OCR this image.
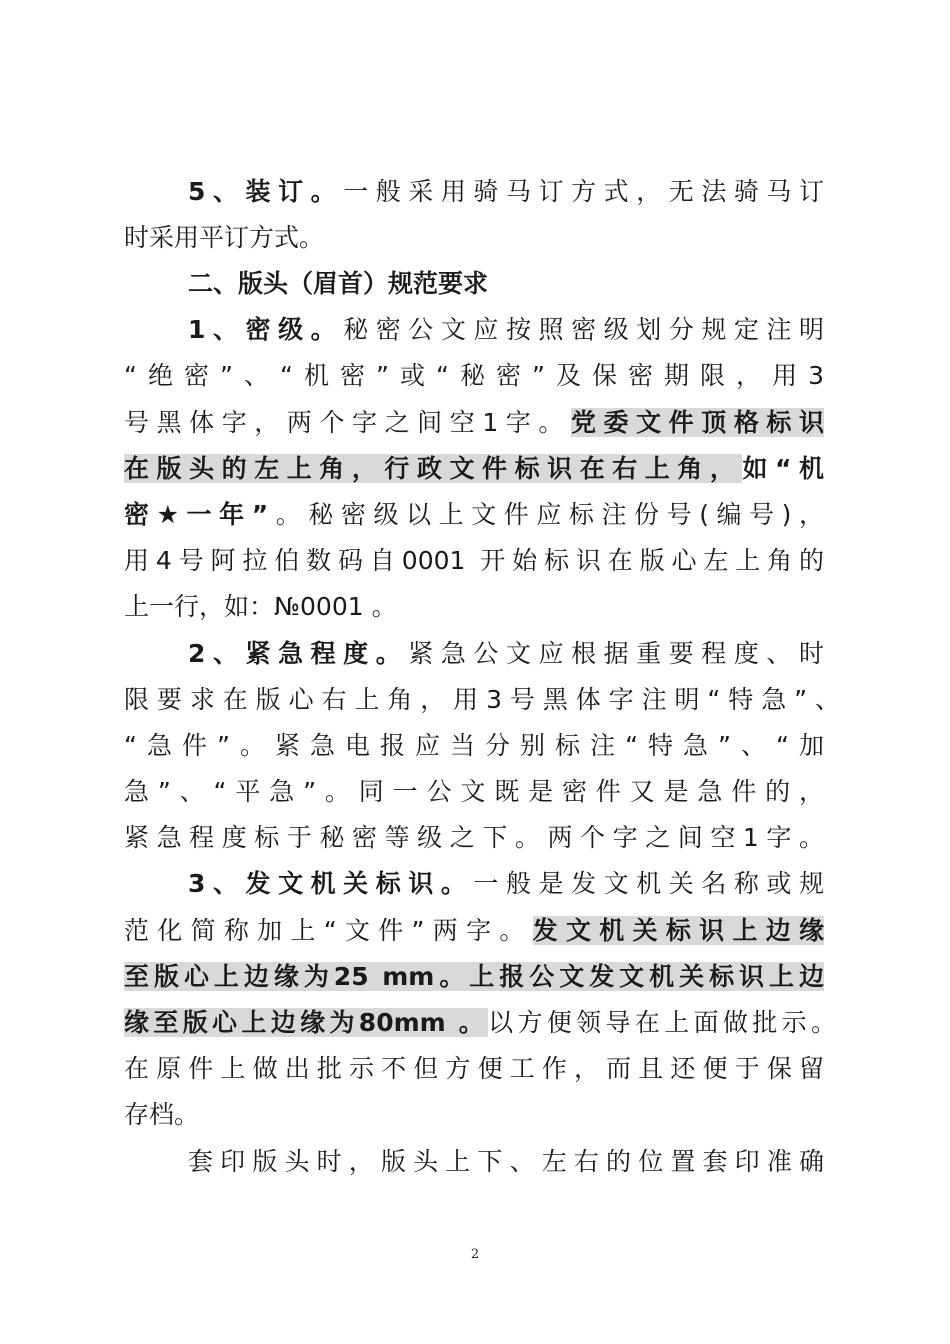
5、装订。一般采用骑马订方式，无法骑马订
时采用平订方式。
二、版头（眉首）规范要求
1、密级。秘密公文应按照密级划分规定注明
“绝密”、“机密”或“秘密”及保密期限，用3
号黑体字，两个字之间空1字。党委文件顶格标识
在版头的左上角，行政文件标识在右上角，如“机
密★一年”。秘密级以上文件应标注份号(编号)，
用4号阿拉伯数码自0001 开始标识在版心左上角的
上一行，如：№0001 。
2、紧急程度。紧急公文应根据重要程度、时
限要求在版心右上角，用3号黑体字注明“特急”、
“急件”。紧急电报应当分别标注“特急”、“加
急”、“平急”。同一公文既是密件又是急件的，
紧急程度标于秘密等级之下。两个字之间空1字。
3、发文机关标识。一般是发文机关名称或规
范化简称加上“文件”两字。发文机关标识上边缘
至版心上边缘为25 mm。上报公文发文机关标识上边
缘至版心上边缘为80mm 。以方便领导在上面做批示。
在原件上做出批示不但方便工作，而且还便于保留
存档。
套印版头时，版头上下、左右的位置套印准确
2
